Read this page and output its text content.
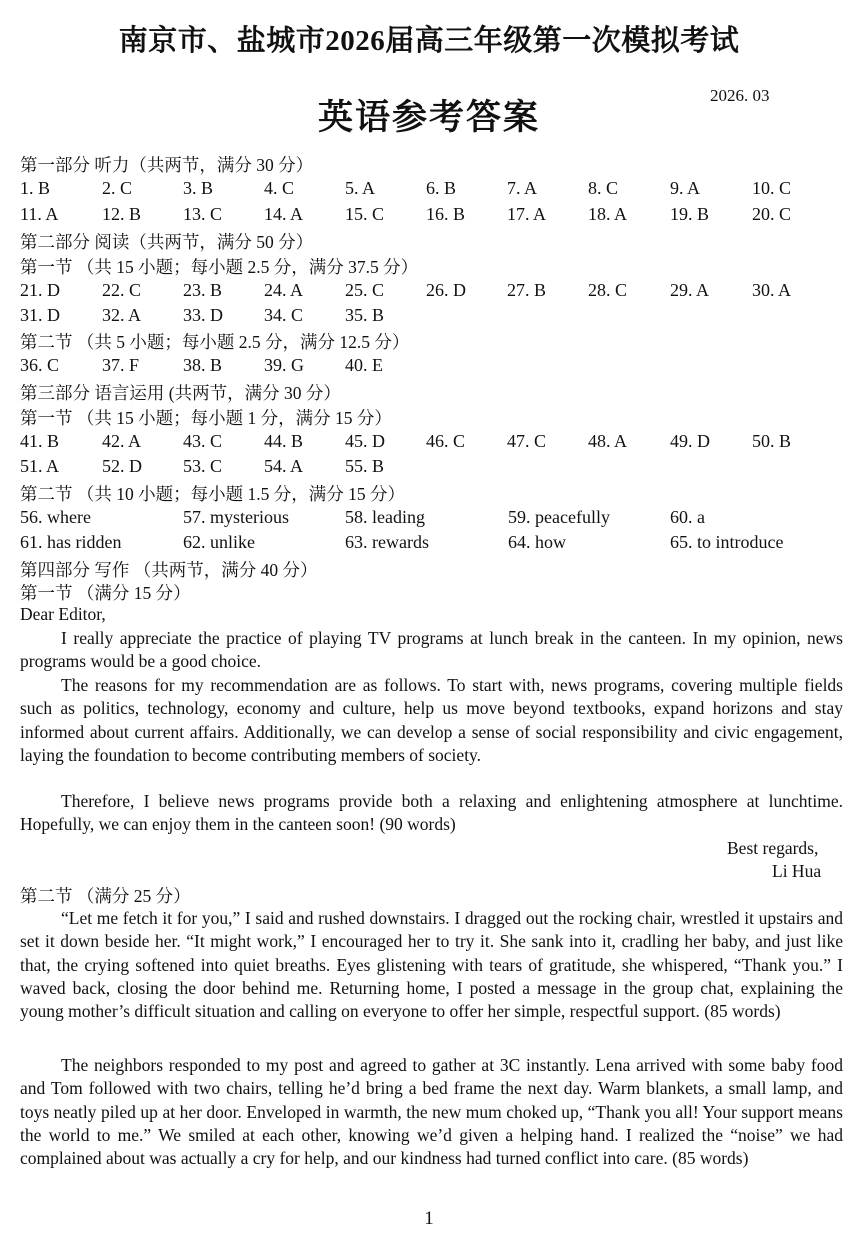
南京市、盐城市2026届高三年级第一次模拟考试
英语参考答案
2026. 03
第一部分 听力（共两节，满分 30 分）
1. B	2. C	3. B	4. C	5. A	6. B	7. A	8. C	9. A	10. C
11. A 12. B 13. C 14. A 15. C 16. B 17. A 18. A 19. B 20. C
第二部分 阅读（共两节，满分 50 分）
第一节 （共 15 小题；每小题 2.5 分，满分 37.5 分）
21. D 22. C 23. B 24. A 25. C 26. D 27. B 28. C 29. A 30. A
31. D 32. A 33. D 34. C 35. B
第二节 （共 5 小题；每小题 2.5 分，满分 12.5 分）
36. C 37. F 38. B 39. G 40. E
第三部分 语言运用 (共两节，满分 30 分）
第一节 （共 15 小题；每小题 1 分，满分 15 分）
41. B 42. A 43. C 44. B 45. D 46. C 47. C 48. A 49. D 50. B
51. A 52. D 53. C 54. A 55. B
第二节 （共 10 小题；每小题 1.5 分，满分 15 分）
56. where	57. mysterious	58. leading	59. peacefully	60. a
61. has ridden	62. unlike	63. rewards	64. how	65. to introduce
第四部分 写作 （共两节，满分 40 分）
第一节 （满分 15 分）
Dear Editor,

I really appreciate the practice of playing TV programs at lunch break in the canteen. In my opinion, news programs would be a good choice.

The reasons for my recommendation are as follows. To start with, news programs, covering multiple fields such as politics, technology, economy and culture, help us move beyond textbooks, expand horizons and stay informed about current affairs. Additionally, we can develop a sense of social responsibility and civic engagement, laying the foundation to become contributing members of society.

Therefore, I believe news programs provide both a relaxing and enlightening atmosphere at lunchtime. Hopefully, we can enjoy them in the canteen soon! (90 words)

Best regards,
Li Hua
第二节 （满分 25 分）

“Let me fetch it for you,” I said and rushed downstairs. I dragged out the rocking chair, wrestled it upstairs and set it down beside her. “It might work,” I encouraged her to try it. She sank into it, cradling her baby, and just like that, the crying softened into quiet breaths. Eyes glistening with tears of gratitude, she whispered, “Thank you.” I waved back, closing the door behind me. Returning home, I posted a message in the group chat, explaining the young mother’s difficult situation and calling on everyone to offer her simple, respectful support. (85 words)

The neighbors responded to my post and agreed to gather at 3C instantly. Lena arrived with some baby food and Tom followed with two chairs, telling he’d bring a bed frame the next day. Warm blankets, a small lamp, and toys neatly piled up at her door. Enveloped in warmth, the new mum choked up, “Thank you all! Your support means the world to me.” We smiled at each other, knowing we’d given a helping hand. I realized the “noise” we had complained about was actually a cry for help, and our kindness had turned conflict into care. (85 words)

1
